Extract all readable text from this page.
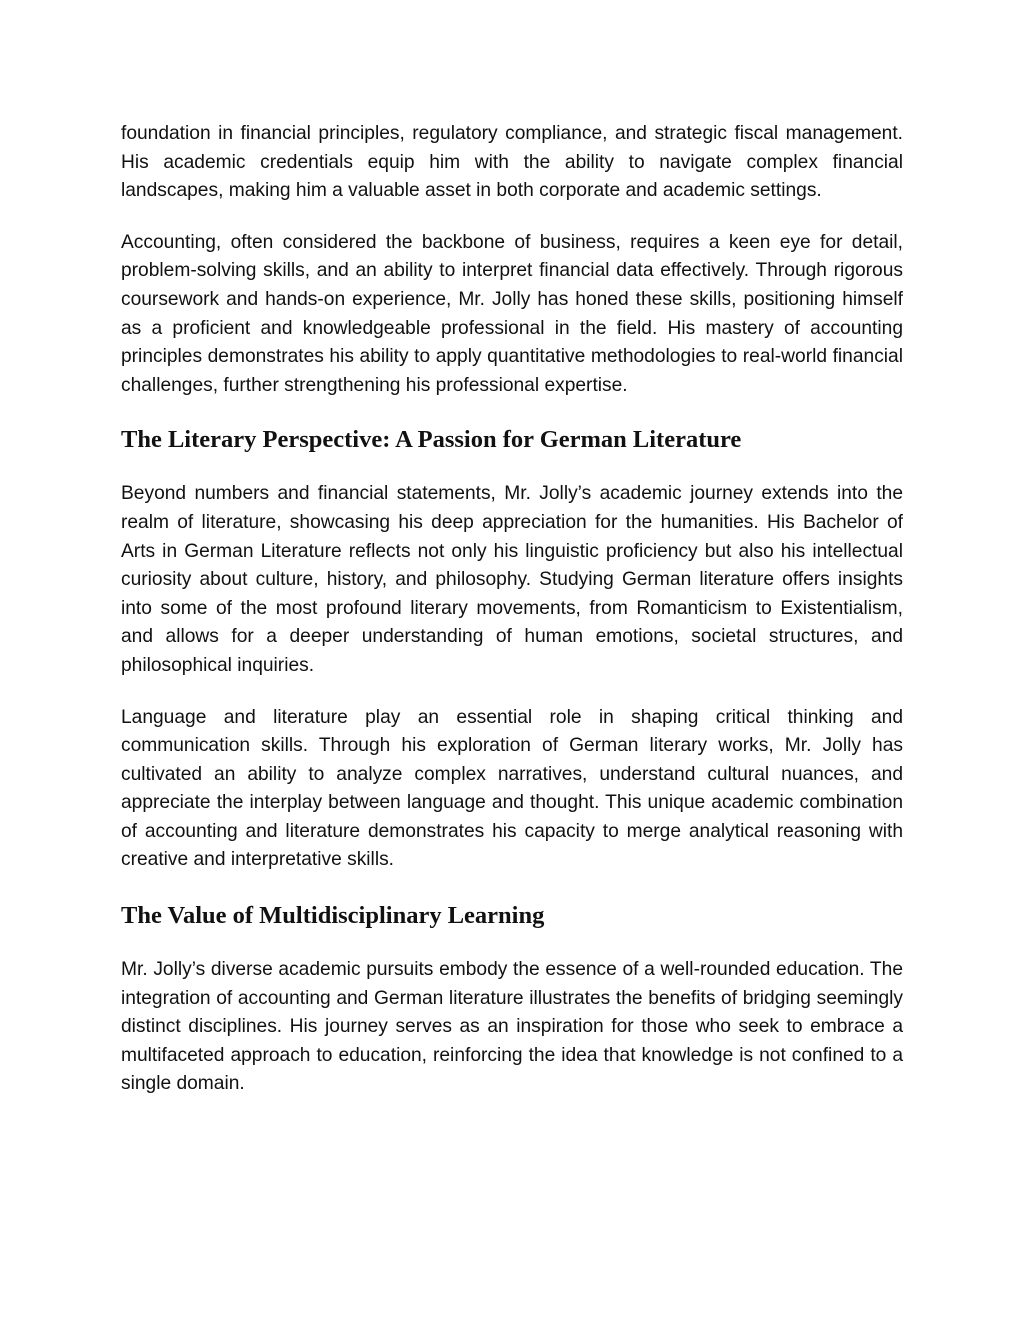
foundation in financial principles, regulatory compliance, and strategic fiscal management. His academic credentials equip him with the ability to navigate complex financial landscapes, making him a valuable asset in both corporate and academic settings.

Accounting, often considered the backbone of business, requires a keen eye for detail, problem-solving skills, and an ability to interpret financial data effectively. Through rigorous coursework and hands-on experience, Mr. Jolly has honed these skills, positioning himself as a proficient and knowledgeable professional in the field. His mastery of accounting principles demonstrates his ability to apply quantitative methodologies to real-world financial challenges, further strengthening his professional expertise.

The Literary Perspective: A Passion for German Literature

Beyond numbers and financial statements, Mr. Jolly’s academic journey extends into the realm of literature, showcasing his deep appreciation for the humanities. His Bachelor of Arts in German Literature reflects not only his linguistic proficiency but also his intellectual curiosity about culture, history, and philosophy. Studying German literature offers insights into some of the most profound literary movements, from Romanticism to Existentialism, and allows for a deeper understanding of human emotions, societal structures, and philosophical inquiries.

Language and literature play an essential role in shaping critical thinking and communication skills. Through his exploration of German literary works, Mr. Jolly has cultivated an ability to analyze complex narratives, understand cultural nuances, and appreciate the interplay between language and thought. This unique academic combination of accounting and literature demonstrates his capacity to merge analytical reasoning with creative and interpretative skills.

The Value of Multidisciplinary Learning

Mr. Jolly’s diverse academic pursuits embody the essence of a well-rounded education. The integration of accounting and German literature illustrates the benefits of bridging seemingly distinct disciplines. His journey serves as an inspiration for those who seek to embrace a multifaceted approach to education, reinforcing the idea that knowledge is not confined to a single domain.
